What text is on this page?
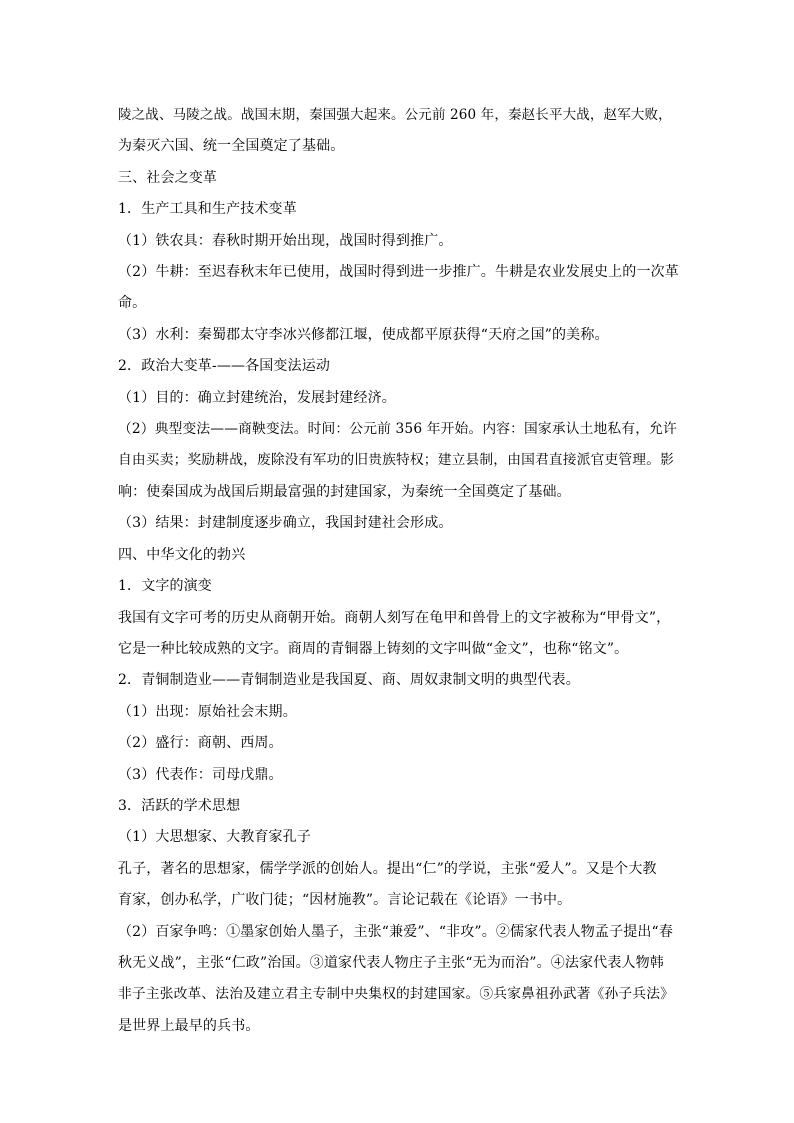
陵之战、马陵之战。战国末期，秦国强大起来。公元前 260 年，秦赵长平大战，赵军大败，
为秦灭六国、统一全国奠定了基础。
三、社会之变革
1．生产工具和生产技术变革
（1）铁农具：春秋时期开始出现，战国时得到推广。
（2）牛耕：至迟春秋末年已使用，战国时得到进一步推广。牛耕是农业发展史上的一次革
命。
（3）水利：秦蜀郡太守李冰兴修都江堰，使成都平原获得“天府之国”的美称。
2．政治大变革-——各国变法运动
（1）目的：确立封建统治，发展封建经济。
（2）典型变法——商鞅变法。时间：公元前 356 年开始。内容：国家承认土地私有，允许
自由买卖；奖励耕战，废除没有军功的旧贵族特权；建立县制，由国君直接派官吏管理。影
响：使秦国成为战国后期最富强的封建国家，为秦统一全国奠定了基础。
（3）结果：封建制度逐步确立，我国封建社会形成。
四、中华文化的勃兴
1．文字的演变
我国有文字可考的历史从商朝开始。商朝人刻写在龟甲和兽骨上的文字被称为“甲骨文”，
它是一种比较成熟的文字。商周的青铜器上铸刻的文字叫做“金文”，也称“铭文”。
2．青铜制造业——青铜制造业是我国夏、商、周奴隶制文明的典型代表。
（1）出现：原始社会末期。
（2）盛行：商朝、西周。
（3）代表作：司母戊鼎。
3．活跃的学术思想
（1）大思想家、大教育家孔子
孔子，著名的思想家，儒学学派的创始人。提出“仁”的学说，主张“爱人”。又是个大教
育家，创办私学，广收门徒；“因材施教”。言论记载在《论语》一书中。
（2）百家争鸣：①墨家创始人墨子，主张“兼爱”、“非攻”。②儒家代表人物孟子提出“春
秋无义战”，主张“仁政”治国。③道家代表人物庄子主张“无为而治”。④法家代表人物韩
非子主张改革、法治及建立君主专制中央集权的封建国家。⑤兵家鼻祖孙武著《孙子兵法》
是世界上最早的兵书。
